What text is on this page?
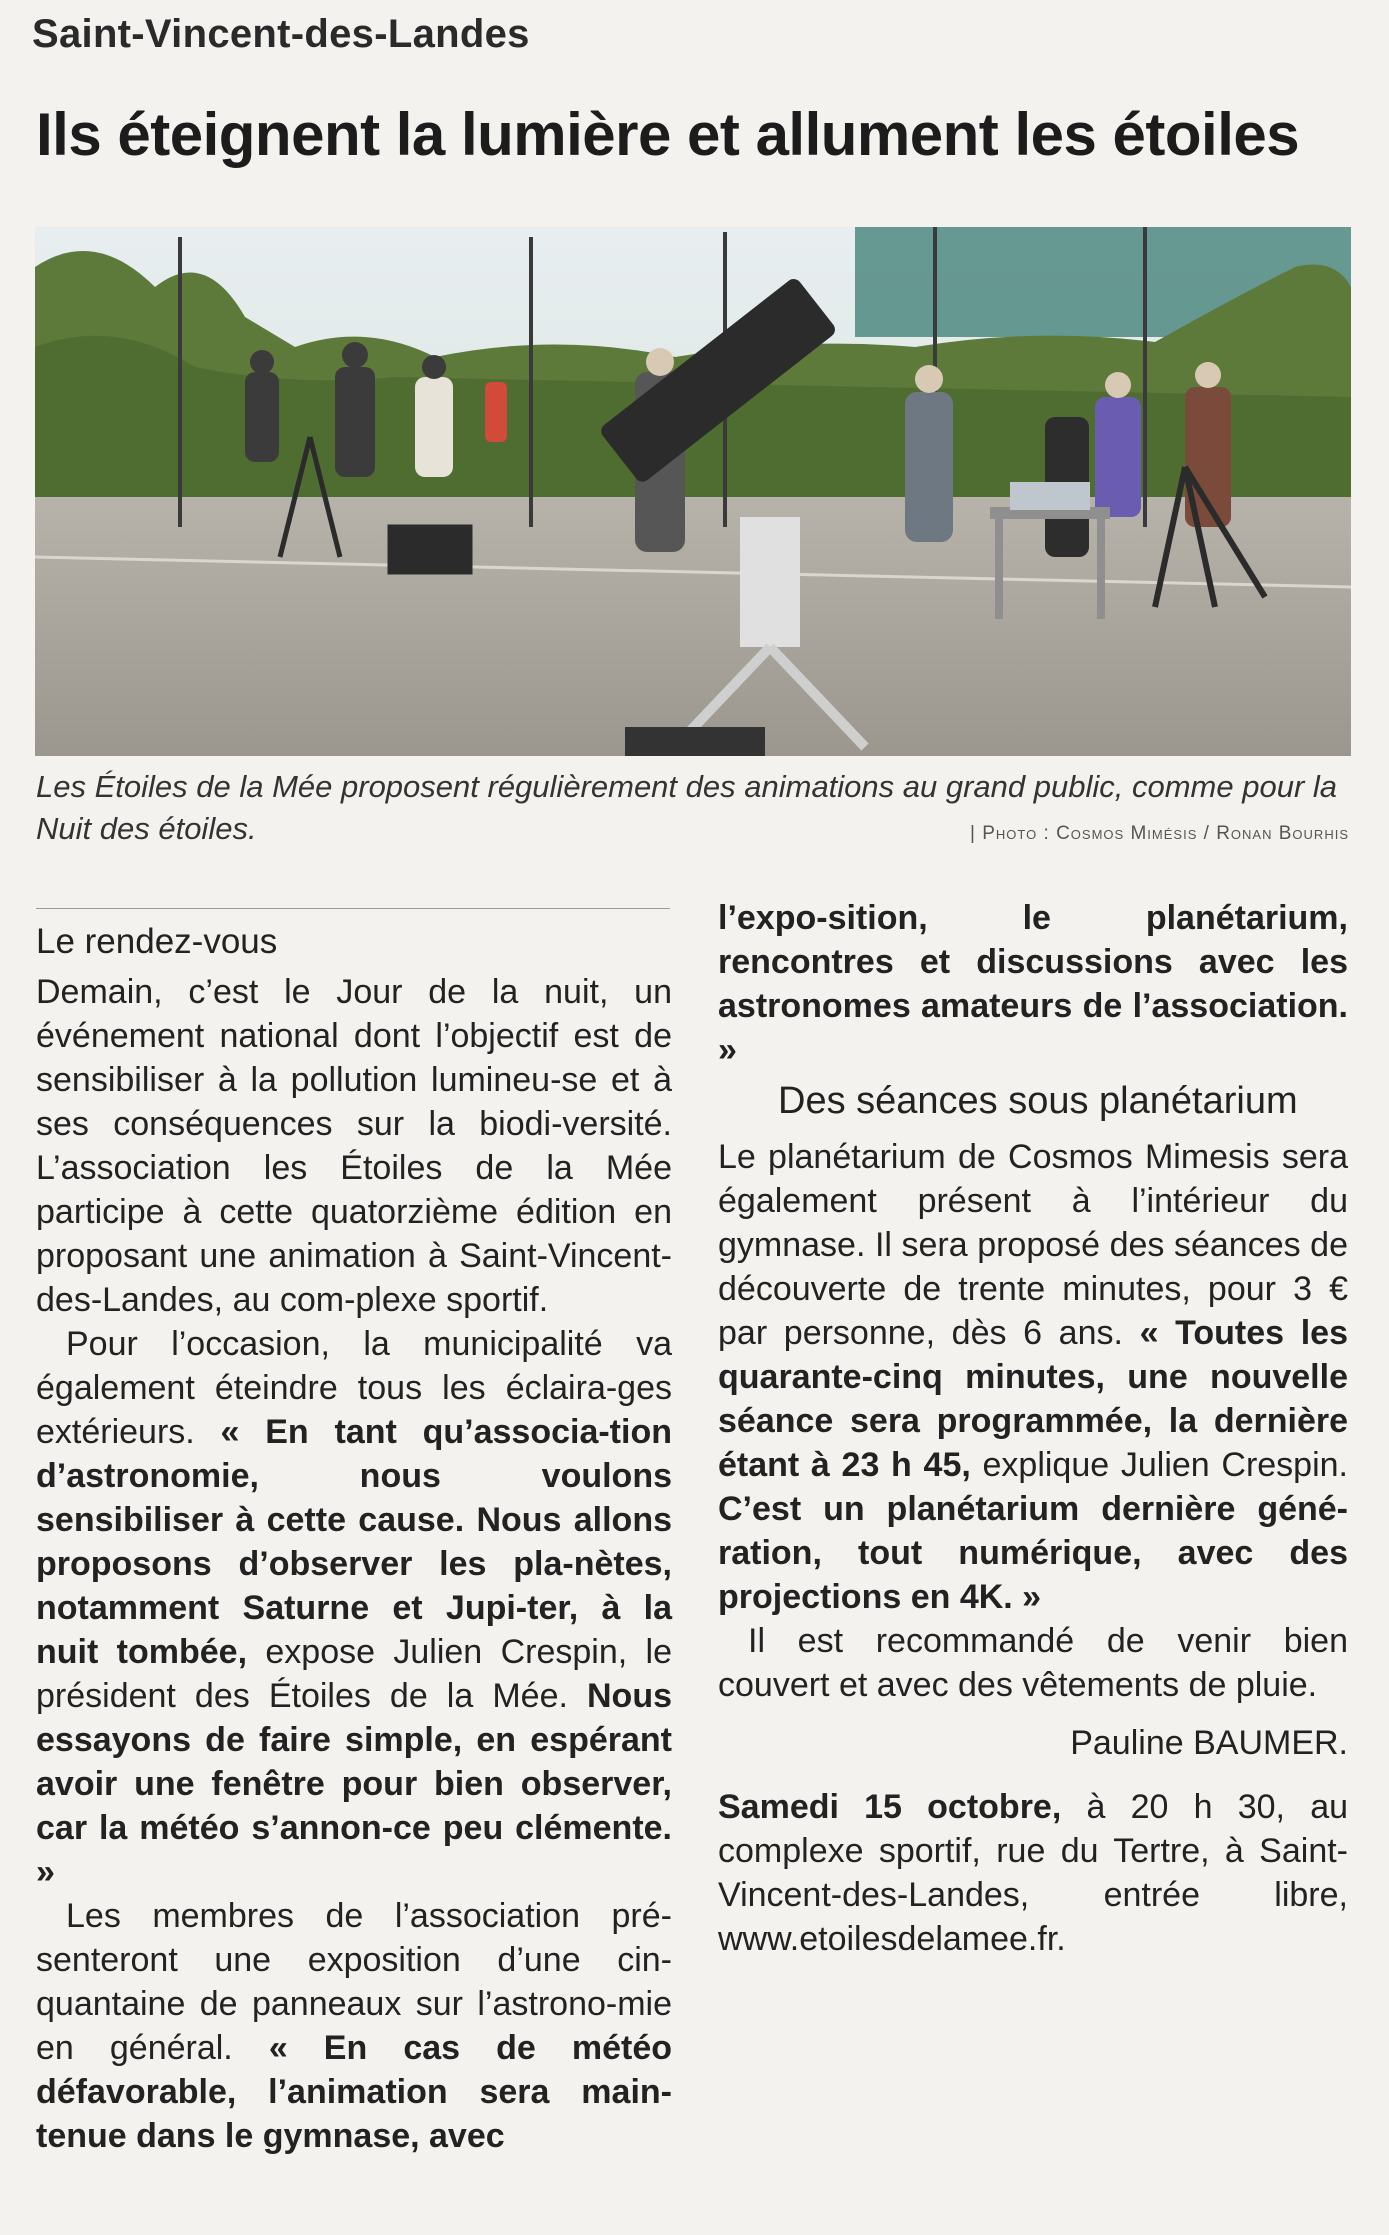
Saint-Vincent-des-Landes
Ils éteignent la lumière et allument les étoiles
Les Étoiles de la Mée proposent régulièrement des animations au grand public, comme pour la Nuit des étoiles.	| Photo : Cosmos Mimésis / Ronan Bourhis
Le rendez-vous

Demain, c’est le Jour de la nuit, un événement national dont l’objectif est de sensibiliser à la pollution lumineu-se et à ses conséquences sur la biodi-versité. L’association les Étoiles de la Mée participe à cette quatorzième édition en proposant une animation à Saint-Vincent-des-Landes, au com-plexe sportif.

Pour l’occasion, la municipalité va également éteindre tous les éclaira-ges extérieurs. « En tant qu’associa-tion d’astronomie, nous voulons sensibiliser à cette cause. Nous allons proposons d’observer les pla-nètes, notamment Saturne et Jupi-ter, à la nuit tombée, expose Julien Crespin, le président des Étoiles de la Mée. Nous essayons de faire simple, en espérant avoir une fenêtre pour bien observer, car la météo s’annon-ce peu clémente. »

Les membres de l’association pré-senteront une exposition d’une cin-quantaine de panneaux sur l’astrono-mie en général. « En cas de météo défavorable, l’animation sera main-tenue dans le gymnase, avec

l’expo-sition, le planétarium, rencontres et discussions avec les astronomes amateurs de l’association. »

Des séances sous planétarium

Le planétarium de Cosmos Mimesis sera également présent à l’intérieur du gymnase. Il sera proposé des séances de découverte de trente minutes, pour 3 € par personne, dès 6 ans. « Toutes les quarante-cinq minutes, une nouvelle séance sera programmée, la dernière étant à 23 h 45, explique Julien Crespin. C’est un planétarium dernière géné-ration, tout numérique, avec des projections en 4K. »

Il est recommandé de venir bien couvert et avec des vêtements de pluie.

Pauline BAUMER.

Samedi 15 octobre, à 20 h 30, au complexe sportif, rue du Tertre, à Saint-Vincent-des-Landes, entrée libre, www.etoilesdelamee.fr.
